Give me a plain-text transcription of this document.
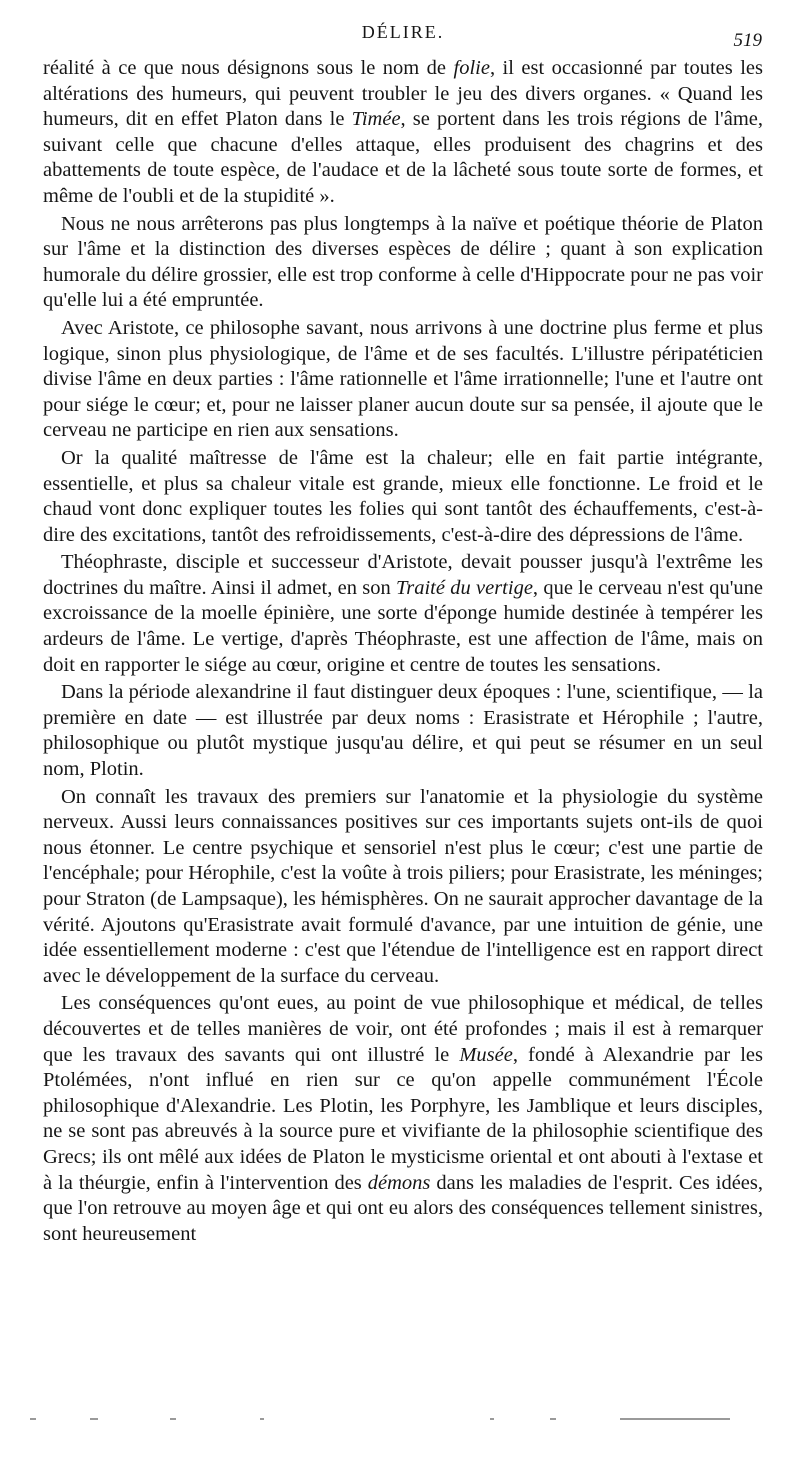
DÉLIRE.	519

réalité à ce que nous désignons sous le nom de folie, il est occasionné par toutes les altérations des humeurs, qui peuvent troubler le jeu des divers organes. « Quand les humeurs, dit en effet Platon dans le Timée, se portent dans les trois régions de l'âme, suivant celle que chacune d'elles attaque, elles produisent des chagrins et des abattements de toute espèce, de l'audace et de la lâcheté sous toute sorte de formes, et même de l'oubli et de la stupidité ».

Nous ne nous arrêterons pas plus longtemps à la naïve et poétique théorie de Platon sur l'âme et la distinction des diverses espèces de délire ; quant à son explication humorale du délire grossier, elle est trop conforme à celle d'Hippocrate pour ne pas voir qu'elle lui a été empruntée.

Avec Aristote, ce philosophe savant, nous arrivons à une doctrine plus ferme et plus logique, sinon plus physiologique, de l'âme et de ses facultés. L'illustre péripatéticien divise l'âme en deux parties : l'âme rationnelle et l'âme irrationnelle; l'une et l'autre ont pour siége le cœur; et, pour ne laisser planer aucun doute sur sa pensée, il ajoute que le cerveau ne participe en rien aux sensations.

Or la qualité maîtresse de l'âme est la chaleur; elle en fait partie intégrante, essentielle, et plus sa chaleur vitale est grande, mieux elle fonctionne. Le froid et le chaud vont donc expliquer toutes les folies qui sont tantôt des échauffements, c'est-à-dire des excitations, tantôt des refroidissements, c'est-à-dire des dépressions de l'âme.

Théophraste, disciple et successeur d'Aristote, devait pousser jusqu'à l'extrême les doctrines du maître. Ainsi il admet, en son Traité du vertige, que le cerveau n'est qu'une excroissance de la moelle épinière, une sorte d'éponge humide destinée à tempérer les ardeurs de l'âme. Le vertige, d'après Théophraste, est une affection de l'âme, mais on doit en rapporter le siége au cœur, origine et centre de toutes les sensations.

Dans la période alexandrine il faut distinguer deux époques : l'une, scientifique, — la première en date — est illustrée par deux noms : Erasistrate et Hérophile ; l'autre, philosophique ou plutôt mystique jusqu'au délire, et qui peut se résumer en un seul nom, Plotin.

On connaît les travaux des premiers sur l'anatomie et la physiologie du système nerveux. Aussi leurs connaissances positives sur ces importants sujets ont-ils de quoi nous étonner. Le centre psychique et sensoriel n'est plus le cœur; c'est une partie de l'encéphale; pour Hérophile, c'est la voûte à trois piliers; pour Erasistrate, les méninges; pour Straton (de Lampsaque), les hémisphères. On ne saurait approcher davantage de la vérité. Ajoutons qu'Erasistrate avait formulé d'avance, par une intuition de génie, une idée essentiellement moderne : c'est que l'étendue de l'intelligence est en rapport direct avec le développement de la surface du cerveau.

Les conséquences qu'ont eues, au point de vue philosophique et médical, de telles découvertes et de telles manières de voir, ont été profondes ; mais il est à remarquer que les travaux des savants qui ont illustré le Musée, fondé à Alexandrie par les Ptolémées, n'ont influé en rien sur ce qu'on appelle communément l'École philosophique d'Alexandrie. Les Plotin, les Porphyre, les Jamblique et leurs disciples, ne se sont pas abreuvés à la source pure et vivifiante de la philosophie scientifique des Grecs; ils ont mêlé aux idées de Platon le mysticisme oriental et ont abouti à l'extase et à la théurgie, enfin à l'intervention des démons dans les maladies de l'esprit. Ces idées, que l'on retrouve au moyen âge et qui ont eu alors des conséquences tellement sinistres, sont heureusement
